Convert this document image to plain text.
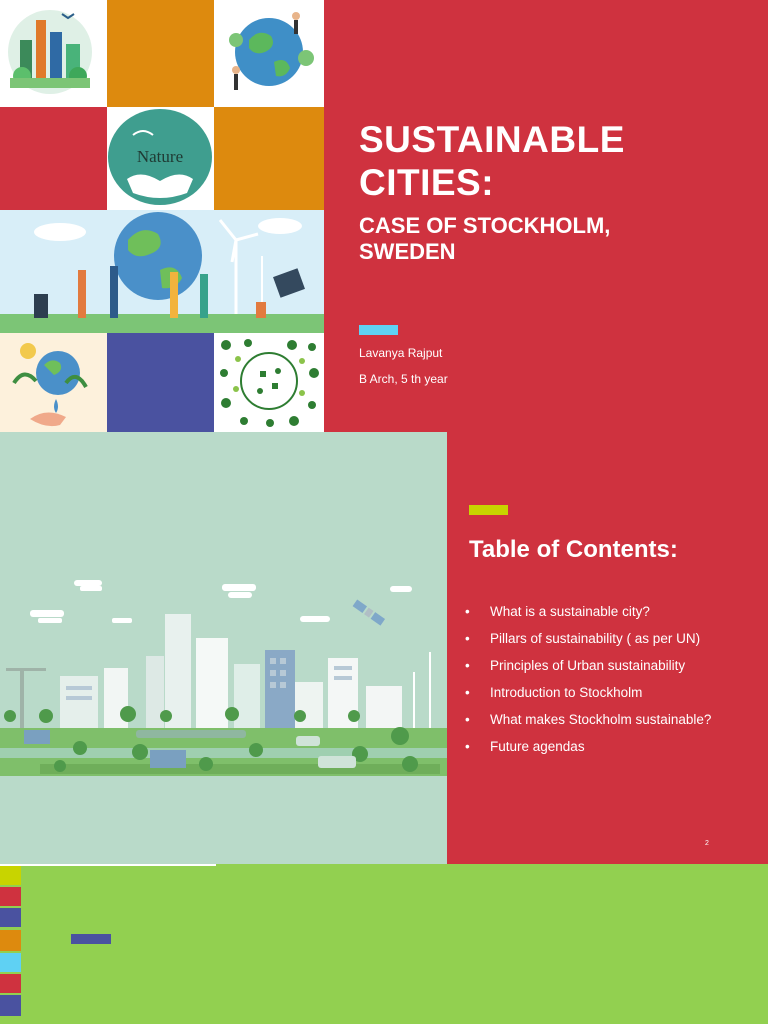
Nature	SUSTAINABLE
CITIES:
CASE OF STOCKHOLM,
SWEDEN
Lavanya Rajput
B Arch, 5 th year
Table of Contents:
• What is a sustainable city?
• Pillars of sustainability ( as per UN)
• Principles of Urban sustainability
• Introduction to Stockholm
• What makes Stockholm sustainable?
• Future agendas
2
